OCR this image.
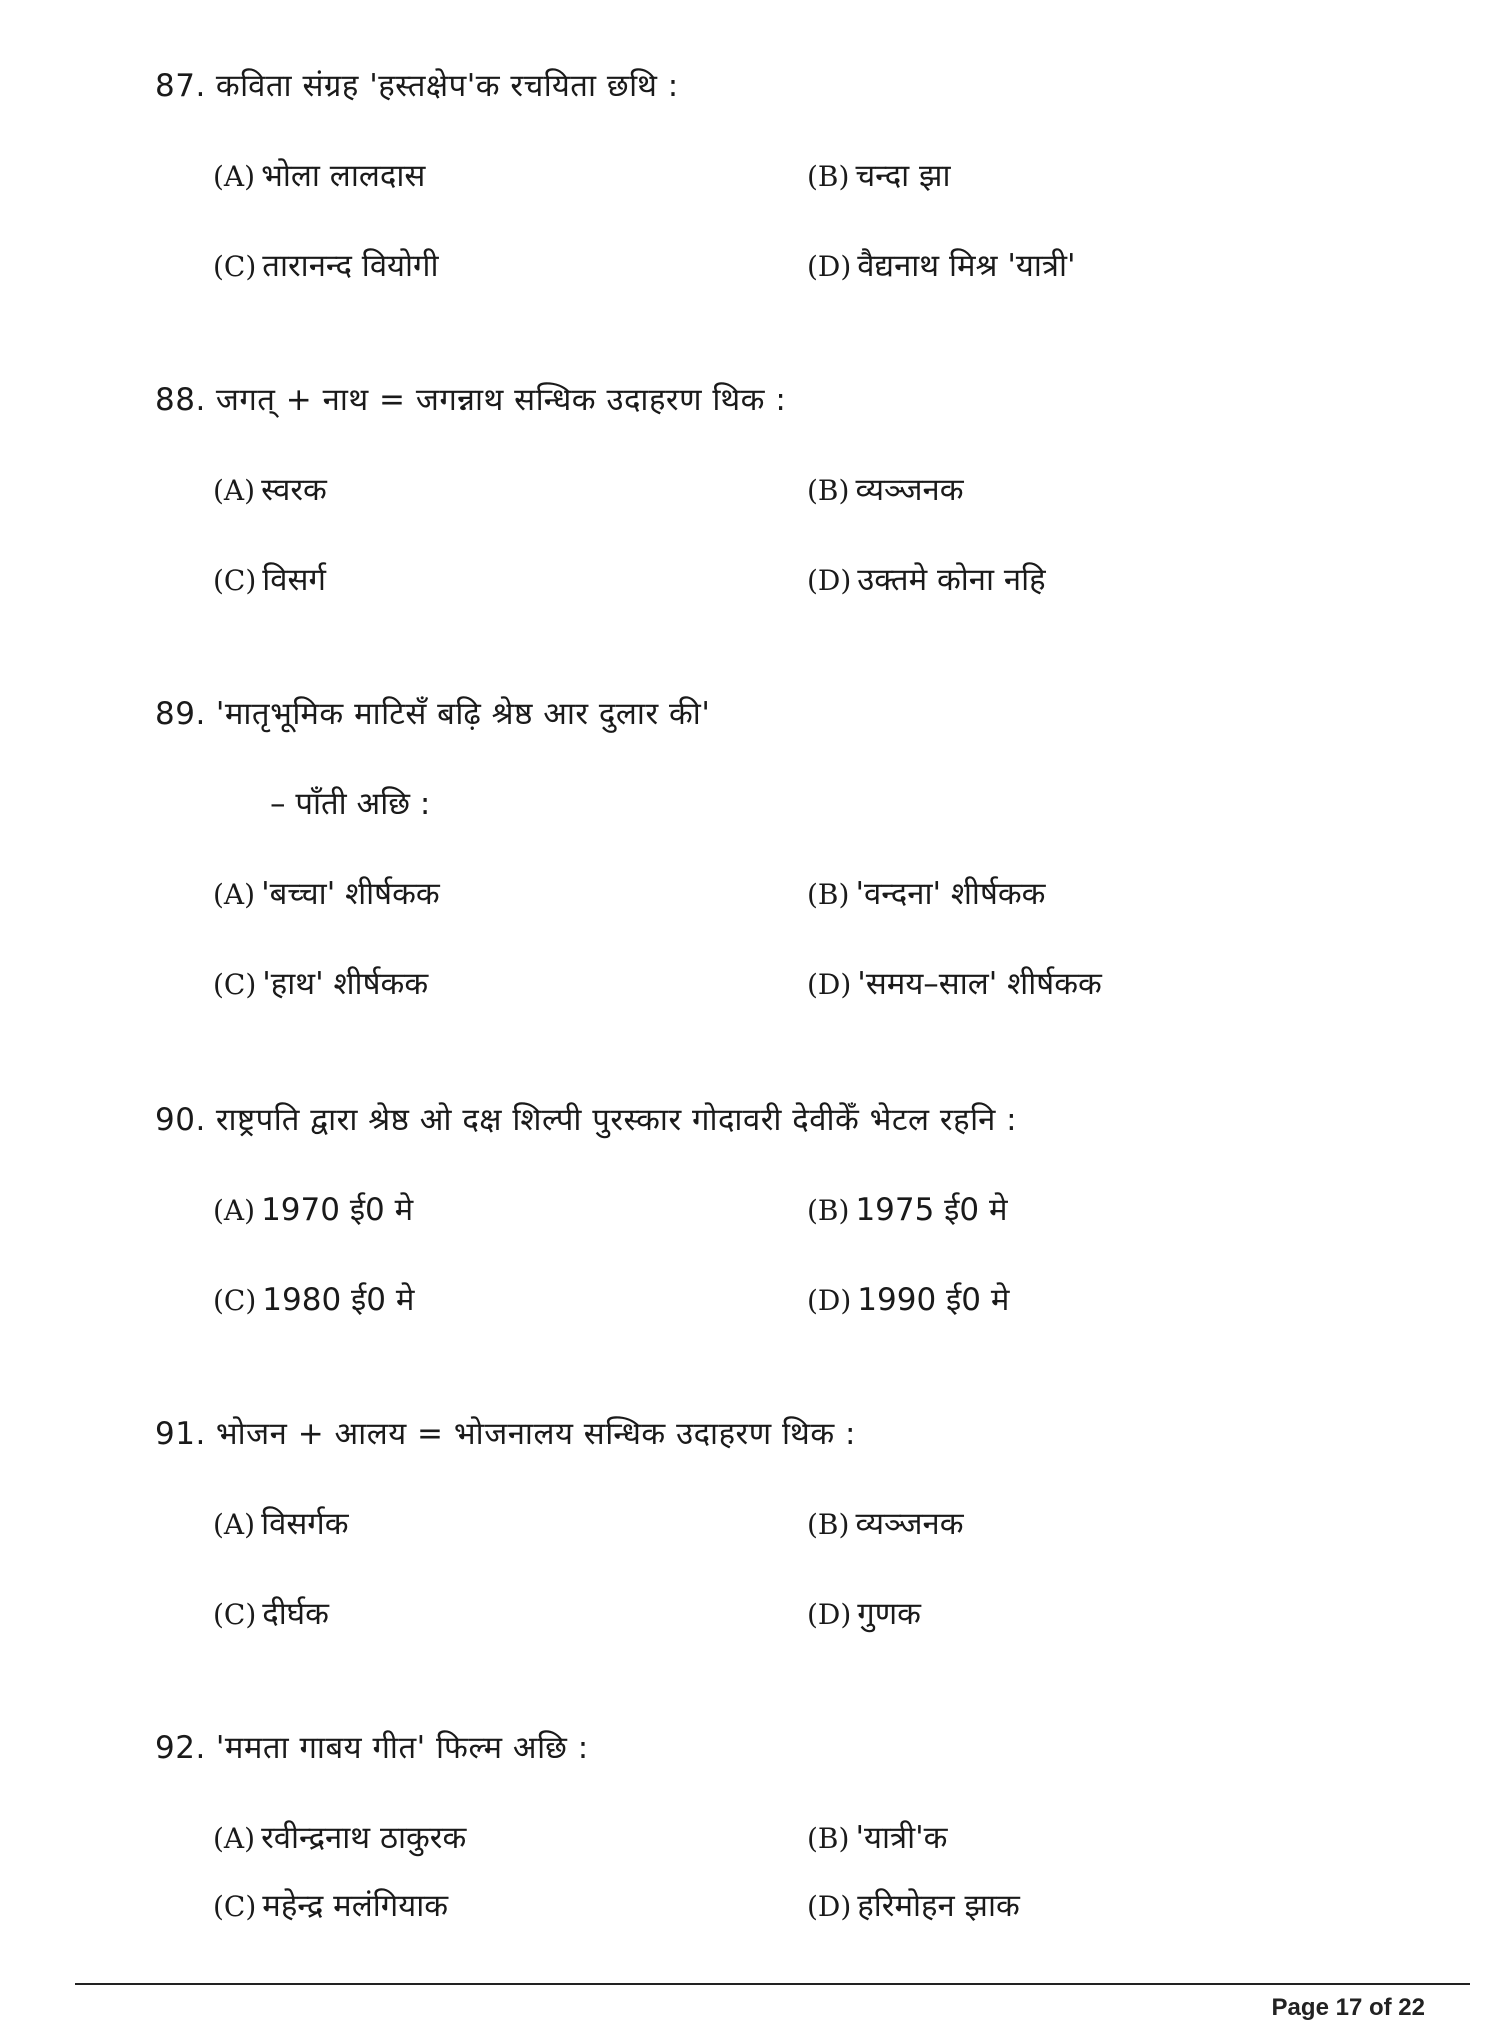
87. कविता संग्रह 'हस्तक्षेप'क रचयिता छथि :
(A) भोला लालदास	(B) चन्दा झा
(C) तारानन्द वियोगी	(D) वैद्यनाथ मिश्र 'यात्री'
88. जगत् + नाथ = जगन्नाथ सन्धिक उदाहरण थिक :
(A) स्वरक	(B) व्यञ्जनक
(C) विसर्ग	(D) उक्तमे कोना नहि
89. 'मातृभूमिक माटिसँ बढ़ि श्रेष्ठ आर दुलार की'
– पाँती अछि :
(A) 'बच्चा' शीर्षकक	(B) 'वन्दना' शीर्षकक
(C) 'हाथ' शीर्षकक	(D) 'समय–साल' शीर्षकक
90. राष्ट्रपति द्वारा श्रेष्ठ ओ दक्ष शिल्पी पुरस्कार गोदावरी देवीकेँ भेटल रहनि :
(A) 1970 ई0 मे	(B) 1975 ई0 मे
(C) 1980 ई0 मे	(D) 1990 ई0 मे
91. भोजन + आलय = भोजनालय सन्धिक उदाहरण थिक :
(A) विसर्गक	(B) व्यञ्जनक
(C) दीर्घक	(D) गुणक
92. 'ममता गाबय गीत' फिल्म अछि :
(A) रवीन्द्रनाथ ठाकुरक	(B) 'यात्री'क
(C) महेन्द्र मलंगियाक	(D) हरिमोहन झाक
Page 17 of 22
